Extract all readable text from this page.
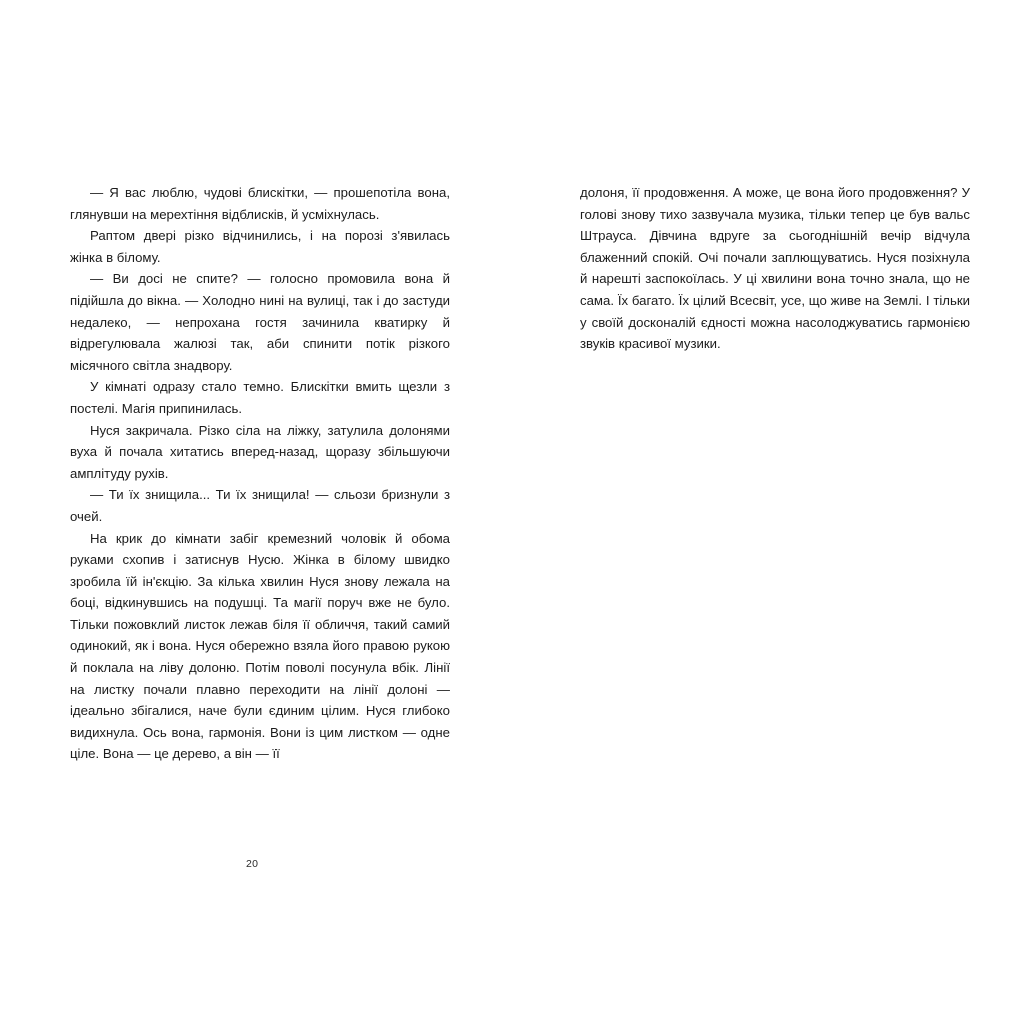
— Я вас люблю, чудові блискітки, — прошепотіла вона, глянувши на мерехтіння відблисків, й усміхнулась.

Раптом двері різко відчинились, і на порозі з'явилась жінка в білому.

— Ви досі не спите? — голосно промовила вона й підійшла до вікна. — Холодно нині на вулиці, так і до застуди недалеко, — непрохана гостя зачинила кватирку й відрегулювала жалюзі так, аби спинити потік різкого місячного світла знадвору.

У кімнаті одразу стало темно. Блискітки вмить щезли з постелі. Магія припинилась.

Нуся закричала. Різко сіла на ліжку, затулила долонями вуха й почала хитатись вперед-назад, щоразу збільшуючи амплітуду рухів.

— Ти їх знищила... Ти їх знищила! — сльози бризнули з очей.

На крик до кімнати забіг кремезний чоловік й обома руками схопив і затиснув Нусю. Жінка в білому швидко зробила їй ін'єкцію. За кілька хвилин Нуся знову лежала на боці, відкинувшись на подушці. Та магії поруч вже не було. Тільки пожовклий листок лежав біля її обличчя, такий самий одинокий, як і вона. Нуся обережно взяла його правою рукою й поклала на ліву долоню. Потім поволі посунула вбік. Лінії на листку почали плавно переходити на лінії долоні — ідеально збігалися, наче були єдиним цілим. Нуся глибоко видихнула. Ось вона, гармонія. Вони із цим листком — одне ціле. Вона — це дерево, а він — її

долоня, її продовження. А може, це вона його продовження? У голові знову тихо зазвучала музика, тільки тепер це був вальс Штрауса. Дівчина вдруге за сьогоднішній вечір відчула блаженний спокій. Очі почали заплющуватись. Нуся позіхнула й нарешті заспокоїлась. У ці хвилини вона точно знала, що не сама. Їх багато. Їх цілий Всесвіт, усе, що живе на Землі. І тільки у своїй досконалій єдності можна насолоджуватись гармонією звуків красивої музики.

20
